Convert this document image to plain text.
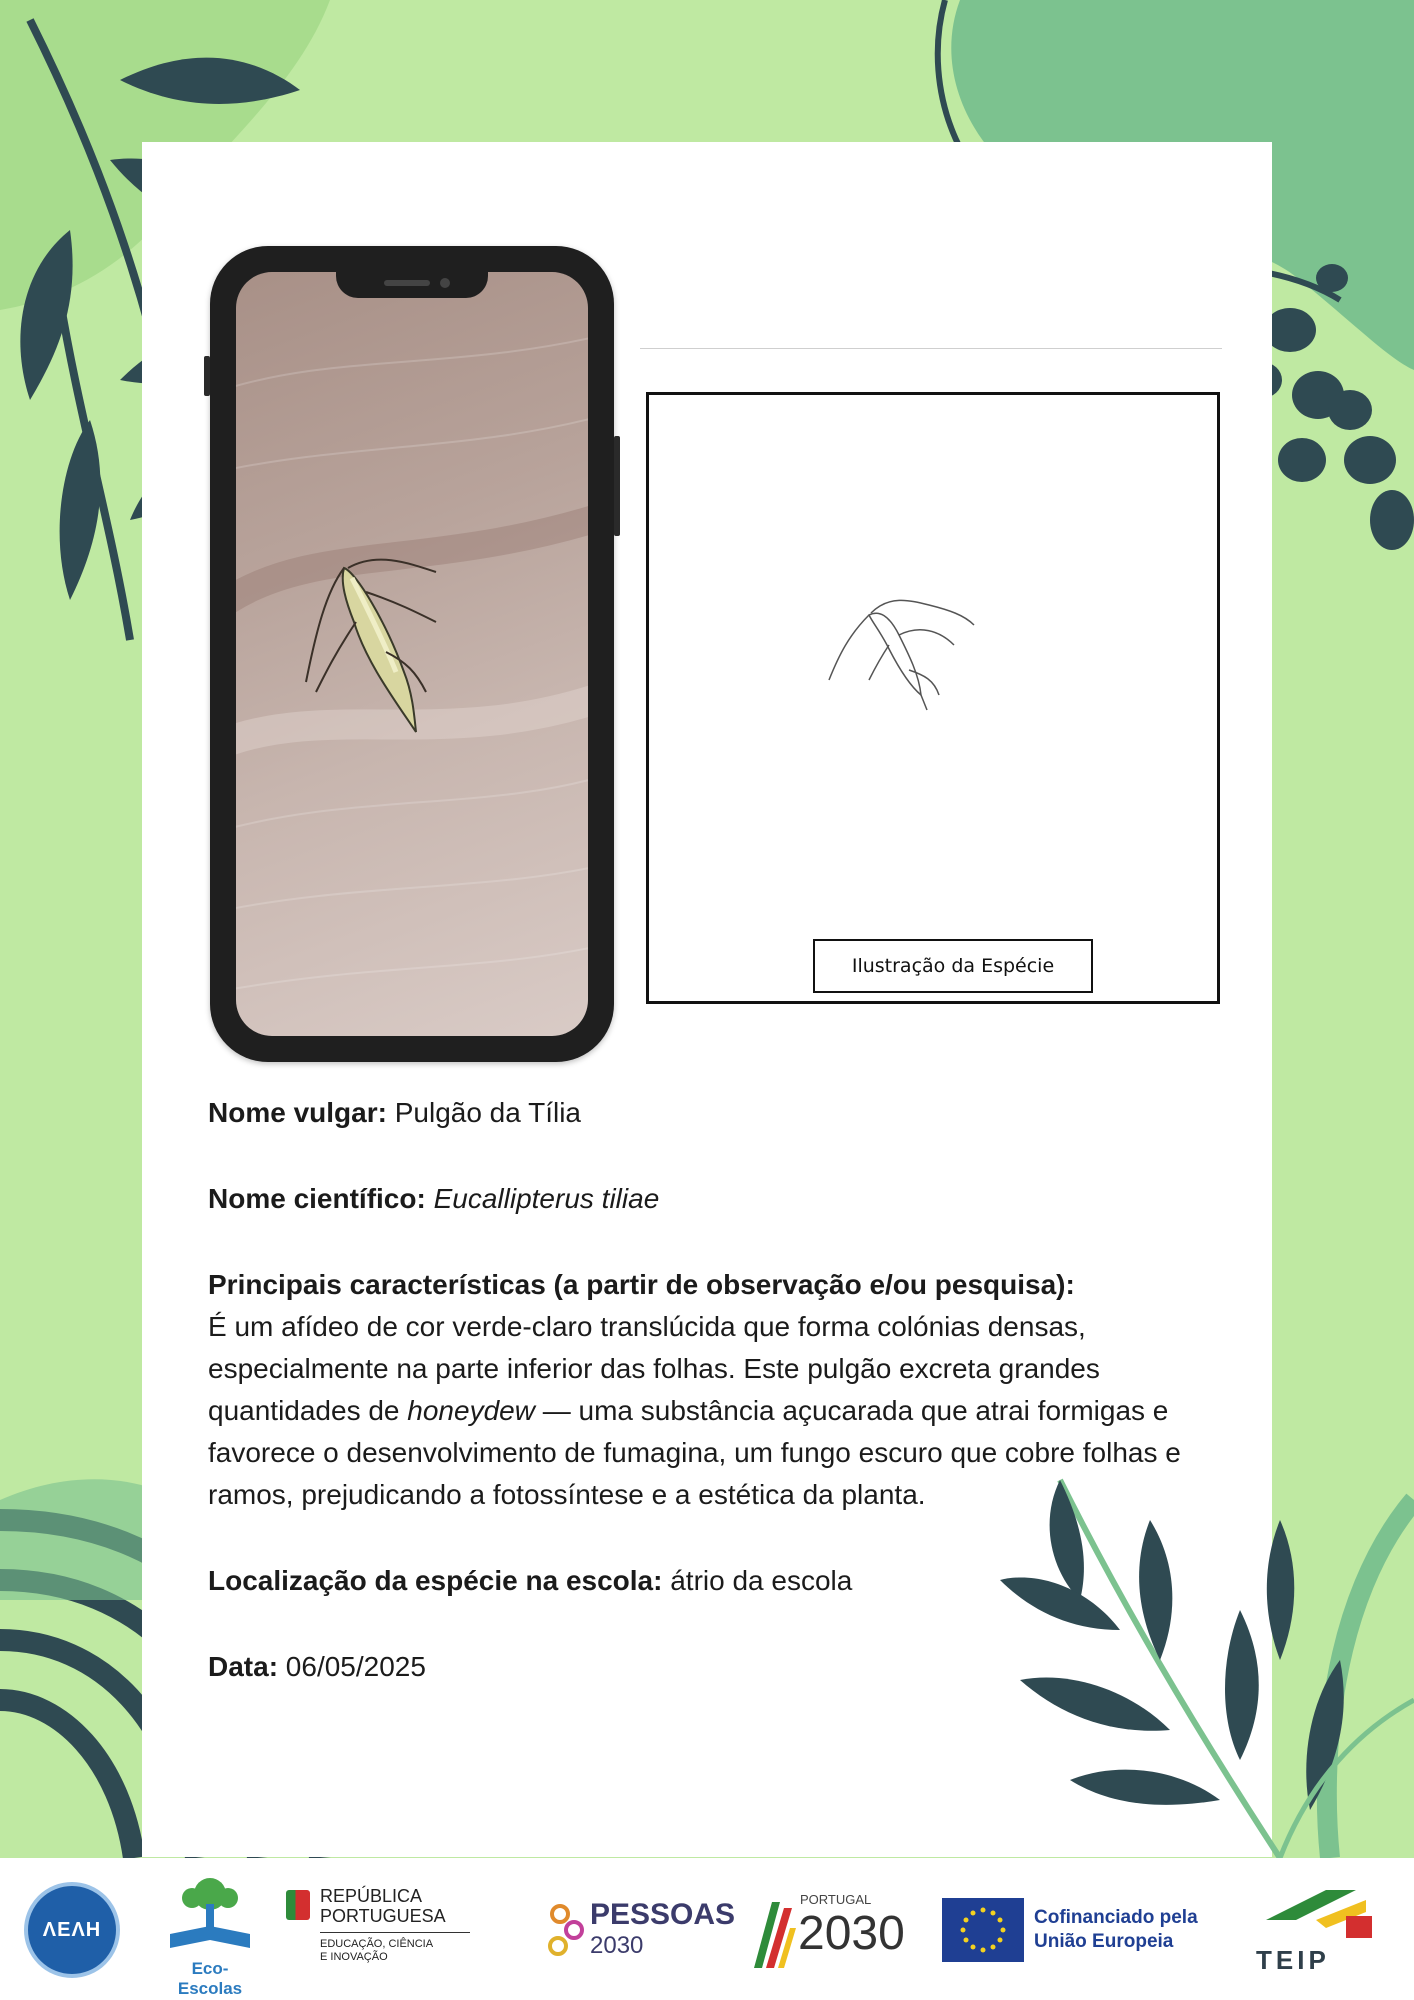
Ilustração da Espécie

Nome vulgar: Pulgão da Tília

Nome científico: Eucallipterus tiliae

Principais características (a partir de observação e/ou pesquisa):

É um afídeo de cor verde-claro translúcida que forma colónias densas, especialmente na parte inferior das folhas. Este pulgão excreta grandes quantidades de honeydew — uma substância açucarada que atrai formigas e favorece o desenvolvimento de fumagina, um fungo escuro que cobre folhas e ramos, prejudicando a fotossíntese e a estética da planta.

Localização da espécie na escola: átrio da escola

Data: 06/05/2025

ΛΕΛΗ
Eco-Escolas
REPÚBLICA
PORTUGUESA
EDUCAÇÃO, CIÊNCIA
E INOVAÇÃO
PESSOAS
2030
PORTUGAL
2030	Cofinanciado pela
União Europeia
TEIP
